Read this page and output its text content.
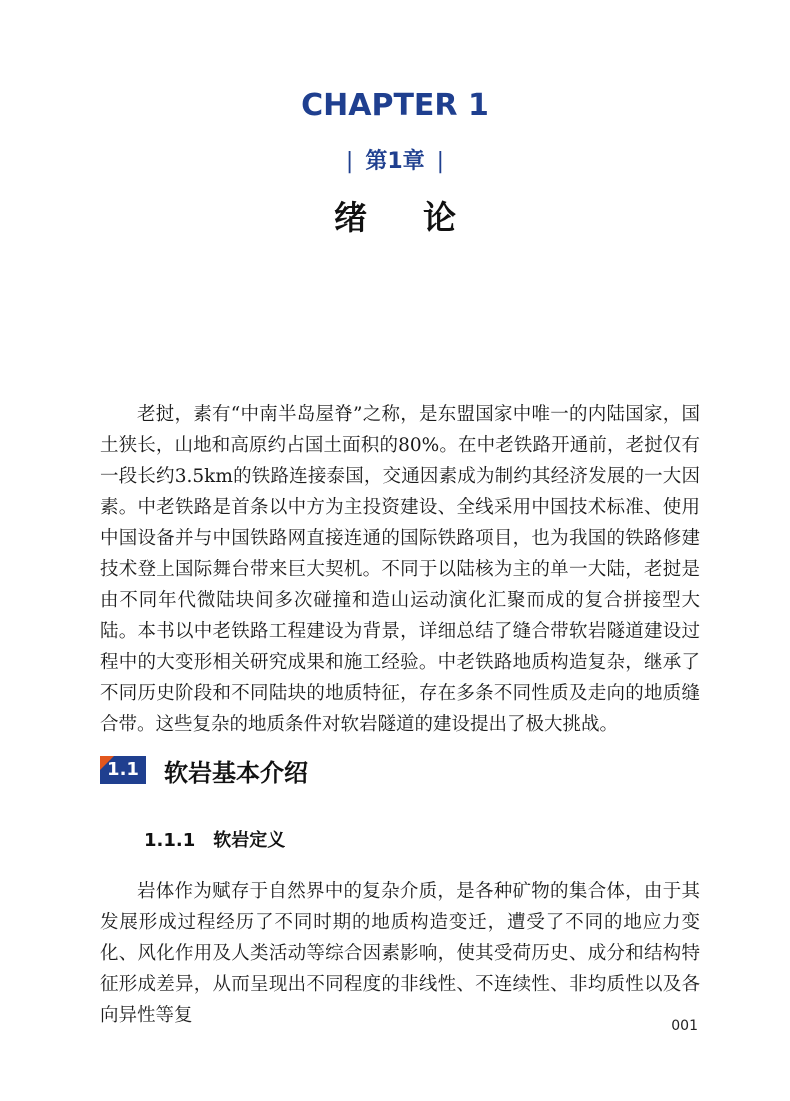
CHAPTER 1
| 第1章 |
绪论

老挝，素有“中南半岛屋脊”之称，是东盟国家中唯一的内陆国家，国土狭长，山地和高原约占国土面积的80%。在中老铁路开通前，老挝仅有一段长约3.5km的铁路连接泰国，交通因素成为制约其经济发展的一大因素。中老铁路是首条以中方为主投资建设、全线采用中国技术标准、使用中国设备并与中国铁路网直接连通的国际铁路项目，也为我国的铁路修建技术登上国际舞台带来巨大契机。不同于以陆核为主的单一大陆，老挝是由不同年代微陆块间多次碰撞和造山运动演化汇聚而成的复合拼接型大陆。本书以中老铁路工程建设为背景，详细总结了缝合带软岩隧道建设过程中的大变形相关研究成果和施工经验。中老铁路地质构造复杂，继承了不同历史阶段和不同陆块的地质特征，存在多条不同性质及走向的地质缝合带。这些复杂的地质条件对软岩隧道的建设提出了极大挑战。

1.1 软岩基本介绍
1.1.1 软岩定义

岩体作为赋存于自然界中的复杂介质，是各种矿物的集合体，由于其发展形成过程经历了不同时期的地质构造变迁，遭受了不同的地应力变化、风化作用及人类活动等综合因素影响，使其受荷历史、成分和结构特征形成差异，从而呈现出不同程度的非线性、不连续性、非均质性以及各向异性等复	001
